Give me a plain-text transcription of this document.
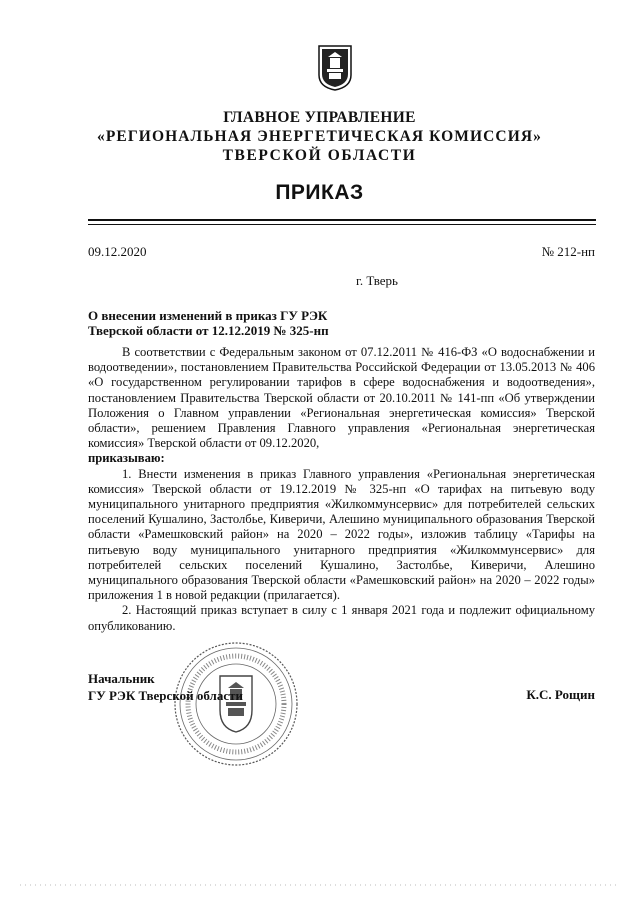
ГЛАВНОЕ УПРАВЛЕНИЕ
«РЕГИОНАЛЬНАЯ ЭНЕРГЕТИЧЕСКАЯ КОМИССИЯ»
ТВЕРСКОЙ ОБЛАСТИ
ПРИКАЗ
09.12.2020	№ 212-нп
г. Тверь
О внесении изменений в приказ ГУ РЭК
Тверской области от 12.12.2019 № 325-нп

В соответствии с Федеральным законом от 07.12.2011 № 416-ФЗ «О водоснабжении и водоотведении», постановлением Правительства Российской Федерации от 13.05.2013 № 406 «О государственном регулировании тарифов в сфере водоснабжения и водоотведения», постановлением Правительства Тверской области от 20.10.2011 № 141-пп «Об утверждении Положения о Главном управлении «Региональная энергетическая комиссия» Тверской области», решением Правления Главного управления «Региональная энергетическая комиссия» Тверской области от 09.12.2020,

приказываю:

1. Внести изменения в приказ Главного управления «Региональная энергетическая комиссия» Тверской области от 19.12.2019 № 325-нп «О тарифах на питьевую воду муниципального унитарного предприятия «Жилкоммунсервис» для потребителей сельских поселений Кушалино, Застолбье, Киверичи, Алешино муниципального образования Тверской области «Рамешковский район» на 2020 – 2022 годы», изложив таблицу «Тарифы на питьевую воду муниципального унитарного предприятия «Жилкоммунсервис» для потребителей сельских поселений Кушалино, Застолбье, Киверичи, Алешино муниципального образования Тверской области «Рамешковский район» на 2020 – 2022 годы» приложения 1 в новой редакции (прилагается).

2. Настоящий приказ вступает в силу с 1 января 2021 года и подлежит официальному опубликованию.

Начальник
ГУ РЭК Тверской области	К.С. Рощин
